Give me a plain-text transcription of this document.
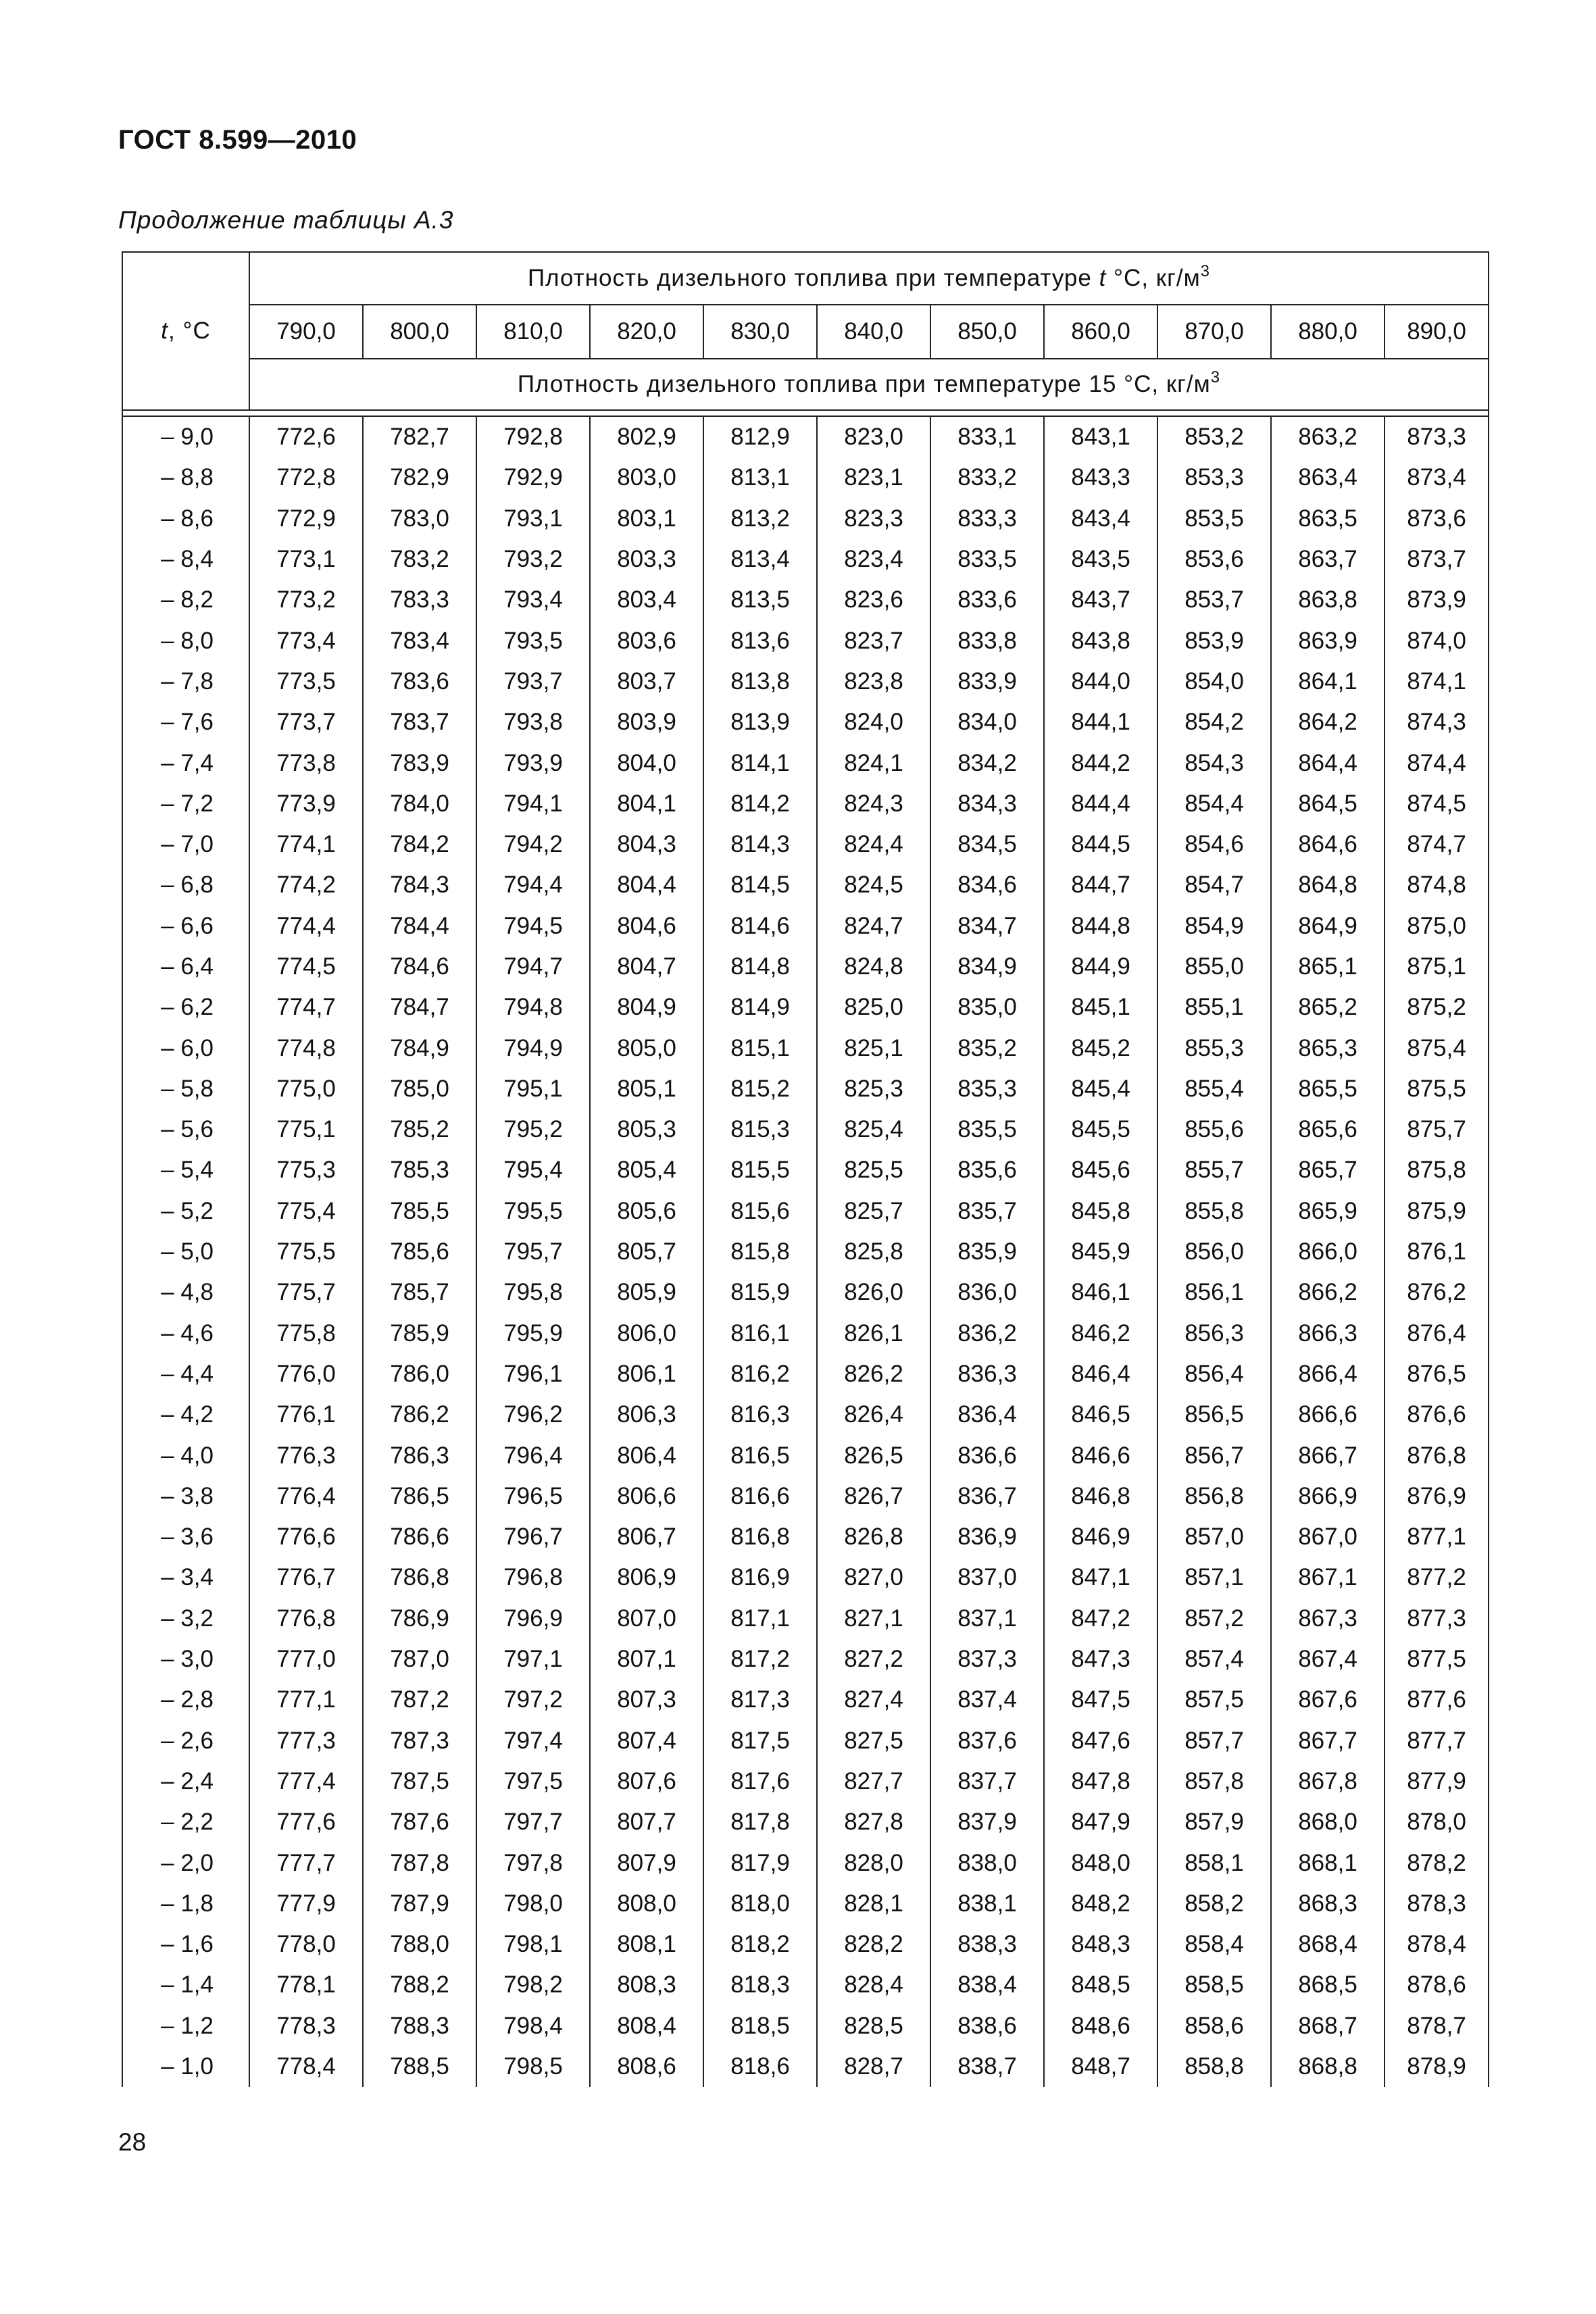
ГОСТ 8.599—2010
Продолжение таблицы А.3
t, °С	Плотность дизельного топлива при температуре t °С, $кг/м^3$
	790,0	800,0	810,0	820,0	830,0	840,0	850,0	860,0	870,0	880,0	890,0
	Плотность дизельного топлива при температуре 15 °С, $кг/м^3$

– 9,0	772,6	782,7	792,8	802,9	812,9	823,0	833,1	843,1	853,2	863,2	873,3
– 8,8	772,8	782,9	792,9	803,0	813,1	823,1	833,2	843,3	853,3	863,4	873,4
– 8,6	772,9	783,0	793,1	803,1	813,2	823,3	833,3	843,4	853,5	863,5	873,6
– 8,4	773,1	783,2	793,2	803,3	813,4	823,4	833,5	843,5	853,6	863,7	873,7
– 8,2	773,2	783,3	793,4	803,4	813,5	823,6	833,6	843,7	853,7	863,8	873,9
– 8,0	773,4	783,4	793,5	803,6	813,6	823,7	833,8	843,8	853,9	863,9	874,0
– 7,8	773,5	783,6	793,7	803,7	813,8	823,8	833,9	844,0	854,0	864,1	874,1
– 7,6	773,7	783,7	793,8	803,9	813,9	824,0	834,0	844,1	854,2	864,2	874,3
– 7,4	773,8	783,9	793,9	804,0	814,1	824,1	834,2	844,2	854,3	864,4	874,4
– 7,2	773,9	784,0	794,1	804,1	814,2	824,3	834,3	844,4	854,4	864,5	874,5
– 7,0	774,1	784,2	794,2	804,3	814,3	824,4	834,5	844,5	854,6	864,6	874,7
– 6,8	774,2	784,3	794,4	804,4	814,5	824,5	834,6	844,7	854,7	864,8	874,8
– 6,6	774,4	784,4	794,5	804,6	814,6	824,7	834,7	844,8	854,9	864,9	875,0
– 6,4	774,5	784,6	794,7	804,7	814,8	824,8	834,9	844,9	855,0	865,1	875,1
– 6,2	774,7	784,7	794,8	804,9	814,9	825,0	835,0	845,1	855,1	865,2	875,2
– 6,0	774,8	784,9	794,9	805,0	815,1	825,1	835,2	845,2	855,3	865,3	875,4
– 5,8	775,0	785,0	795,1	805,1	815,2	825,3	835,3	845,4	855,4	865,5	875,5
– 5,6	775,1	785,2	795,2	805,3	815,3	825,4	835,5	845,5	855,6	865,6	875,7
– 5,4	775,3	785,3	795,4	805,4	815,5	825,5	835,6	845,6	855,7	865,7	875,8
– 5,2	775,4	785,5	795,5	805,6	815,6	825,7	835,7	845,8	855,8	865,9	875,9
– 5,0	775,5	785,6	795,7	805,7	815,8	825,8	835,9	845,9	856,0	866,0	876,1
– 4,8	775,7	785,7	795,8	805,9	815,9	826,0	836,0	846,1	856,1	866,2	876,2
– 4,6	775,8	785,9	795,9	806,0	816,1	826,1	836,2	846,2	856,3	866,3	876,4
– 4,4	776,0	786,0	796,1	806,1	816,2	826,2	836,3	846,4	856,4	866,4	876,5
– 4,2	776,1	786,2	796,2	806,3	816,3	826,4	836,4	846,5	856,5	866,6	876,6
– 4,0	776,3	786,3	796,4	806,4	816,5	826,5	836,6	846,6	856,7	866,7	876,8
– 3,8	776,4	786,5	796,5	806,6	816,6	826,7	836,7	846,8	856,8	866,9	876,9
– 3,6	776,6	786,6	796,7	806,7	816,8	826,8	836,9	846,9	857,0	867,0	877,1
– 3,4	776,7	786,8	796,8	806,9	816,9	827,0	837,0	847,1	857,1	867,1	877,2
– 3,2	776,8	786,9	796,9	807,0	817,1	827,1	837,1	847,2	857,2	867,3	877,3
– 3,0	777,0	787,0	797,1	807,1	817,2	827,2	837,3	847,3	857,4	867,4	877,5
– 2,8	777,1	787,2	797,2	807,3	817,3	827,4	837,4	847,5	857,5	867,6	877,6
– 2,6	777,3	787,3	797,4	807,4	817,5	827,5	837,6	847,6	857,7	867,7	877,7
– 2,4	777,4	787,5	797,5	807,6	817,6	827,7	837,7	847,8	857,8	867,8	877,9
– 2,2	777,6	787,6	797,7	807,7	817,8	827,8	837,9	847,9	857,9	868,0	878,0
– 2,0	777,7	787,8	797,8	807,9	817,9	828,0	838,0	848,0	858,1	868,1	878,2
– 1,8	777,9	787,9	798,0	808,0	818,0	828,1	838,1	848,2	858,2	868,3	878,3
– 1,6	778,0	788,0	798,1	808,1	818,2	828,2	838,3	848,3	858,4	868,4	878,4
– 1,4	778,1	788,2	798,2	808,3	818,3	828,4	838,4	848,5	858,5	868,5	878,6
– 1,2	778,3	788,3	798,4	808,4	818,5	828,5	838,6	848,6	858,6	868,7	878,7
– 1,0	778,4	788,5	798,5	808,6	818,6	828,7	838,7	848,7	858,8	868,8	878,9
28
